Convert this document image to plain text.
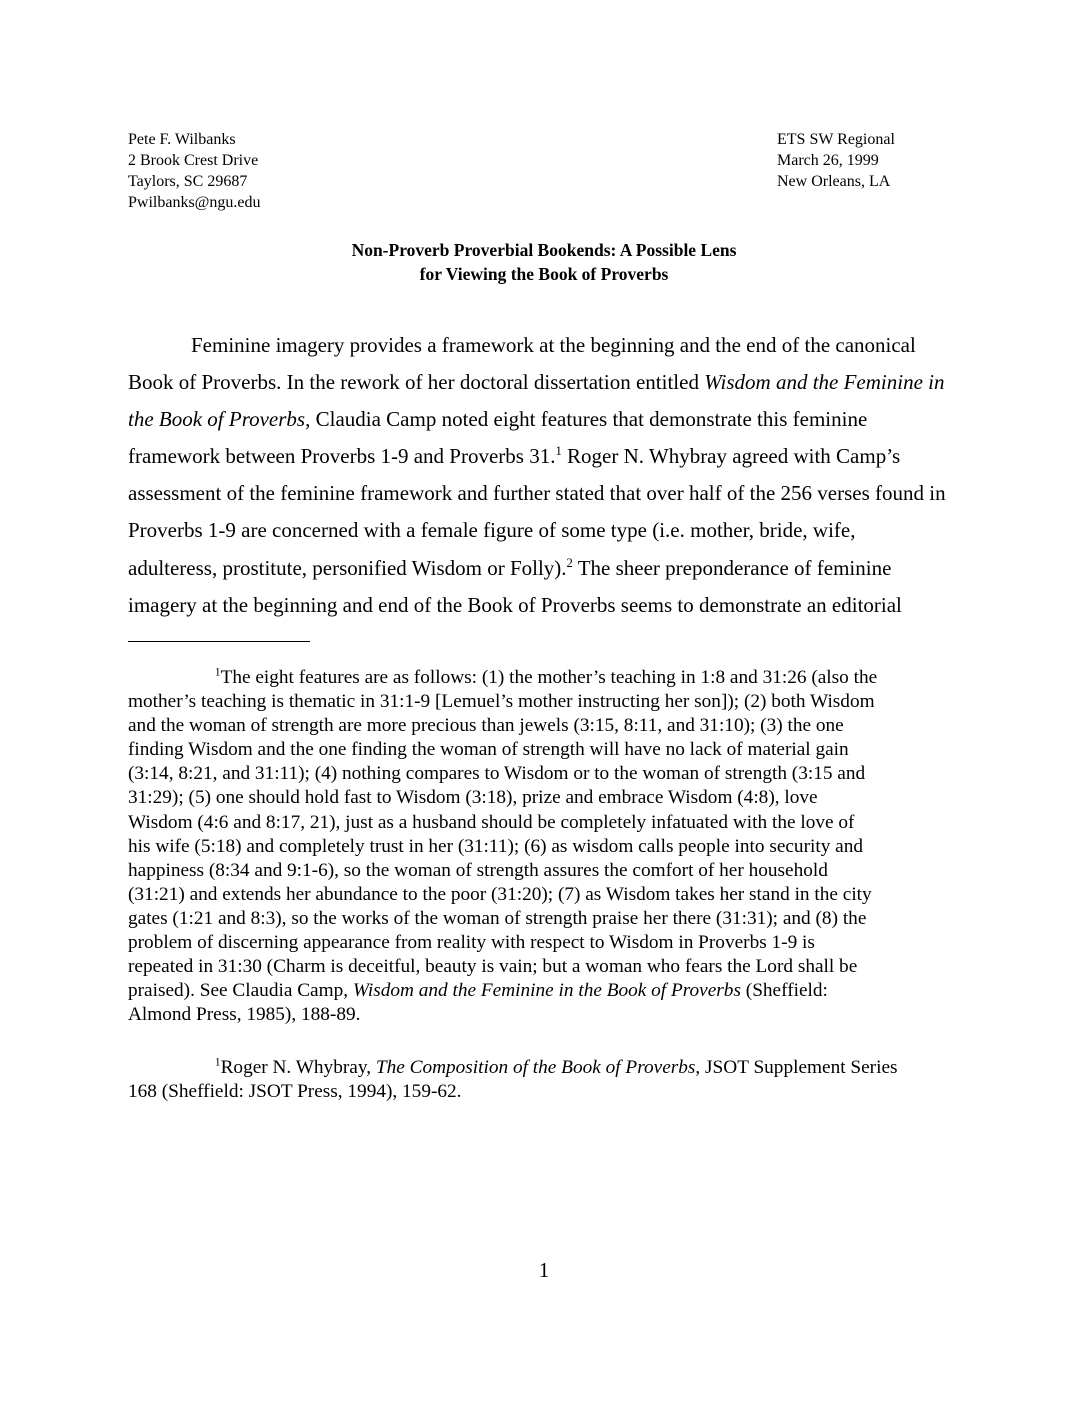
Pete F. Wilbanks
2 Brook Crest Drive
Taylors, SC 29687
Pwilbanks@ngu.edu
ETS SW Regional
March 26, 1999
New Orleans, LA
Non-Proverb Proverbial Bookends: A Possible Lens
for Viewing the Book of Proverbs
Feminine imagery provides a framework at the beginning and the end of the canonical
Book of Proverbs. In the rework of her doctoral dissertation entitled Wisdom and the Feminine in
the Book of Proverbs, Claudia Camp noted eight features that demonstrate this feminine
framework between Proverbs 1-9 and Proverbs 31.$^1$ Roger N. Whybray agreed with Camp’s
assessment of the feminine framework and further stated that over half of the 256 verses found in
Proverbs 1-9 are concerned with a female figure of some type (i.e. mother, bride, wife,
adulteress, prostitute, personified Wisdom or Folly).$^2$ The sheer preponderance of feminine
imagery at the beginning and end of the Book of Proverbs seems to demonstrate an editorial
$^1$The eight features are as follows: (1) the mother’s teaching in 1:8 and 31:26 (also the
mother’s teaching is thematic in 31:1-9 [Lemuel’s mother instructing her son]); (2) both Wisdom
and the woman of strength are more precious than jewels (3:15, 8:11, and 31:10); (3) the one
finding Wisdom and the one finding the woman of strength will have no lack of material gain
(3:14, 8:21, and 31:11); (4) nothing compares to Wisdom or to the woman of strength (3:15 and
31:29); (5) one should hold fast to Wisdom (3:18), prize and embrace Wisdom (4:8), love
Wisdom (4:6 and 8:17, 21), just as a husband should be completely infatuated with the love of
his wife (5:18) and completely trust in her (31:11); (6) as wisdom calls people into security and
happiness (8:34 and 9:1-6), so the woman of strength assures the comfort of her household
(31:21) and extends her abundance to the poor (31:20); (7) as Wisdom takes her stand in the city
gates (1:21 and 8:3), so the works of the woman of strength praise her there (31:31); and (8) the
problem of discerning appearance from reality with respect to Wisdom in Proverbs 1-9 is
repeated in 31:30 (Charm is deceitful, beauty is vain; but a woman who fears the Lord shall be
praised). See Claudia Camp, Wisdom and the Feminine in the Book of Proverbs (Sheffield:
Almond Press, 1985), 188-89.
$^1$Roger N. Whybray, The Composition of the Book of Proverbs, JSOT Supplement Series
168 (Sheffield: JSOT Press, 1994), 159-62.
1
